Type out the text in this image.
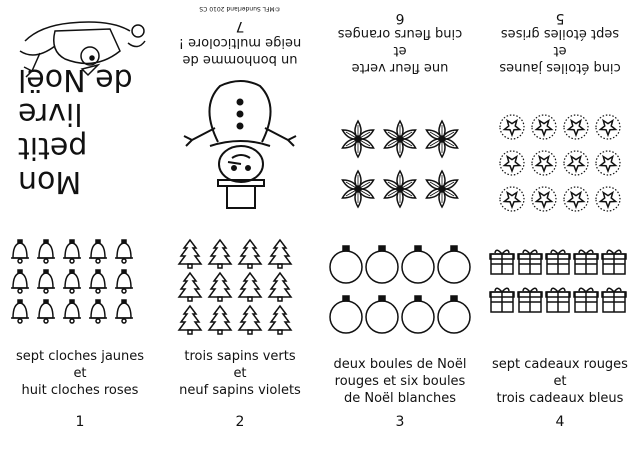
Mon
petit livre
de Noël
un bonhomme de
neige multicolore !
7
©MFL Sunderland 2010 CS
une fleur verte
et
cinq fleurs oranges
6
cinq étoiles jaunes
et
sept étoiles grises
5
sept cloches jaunes
et
huit cloches roses
1
trois sapins verts
et
neuf sapins violets
2
deux boules de Noël
rouges et six boules
de Noël blanches
3
sept cadeaux rouges
et
trois cadeaux bleus
4
